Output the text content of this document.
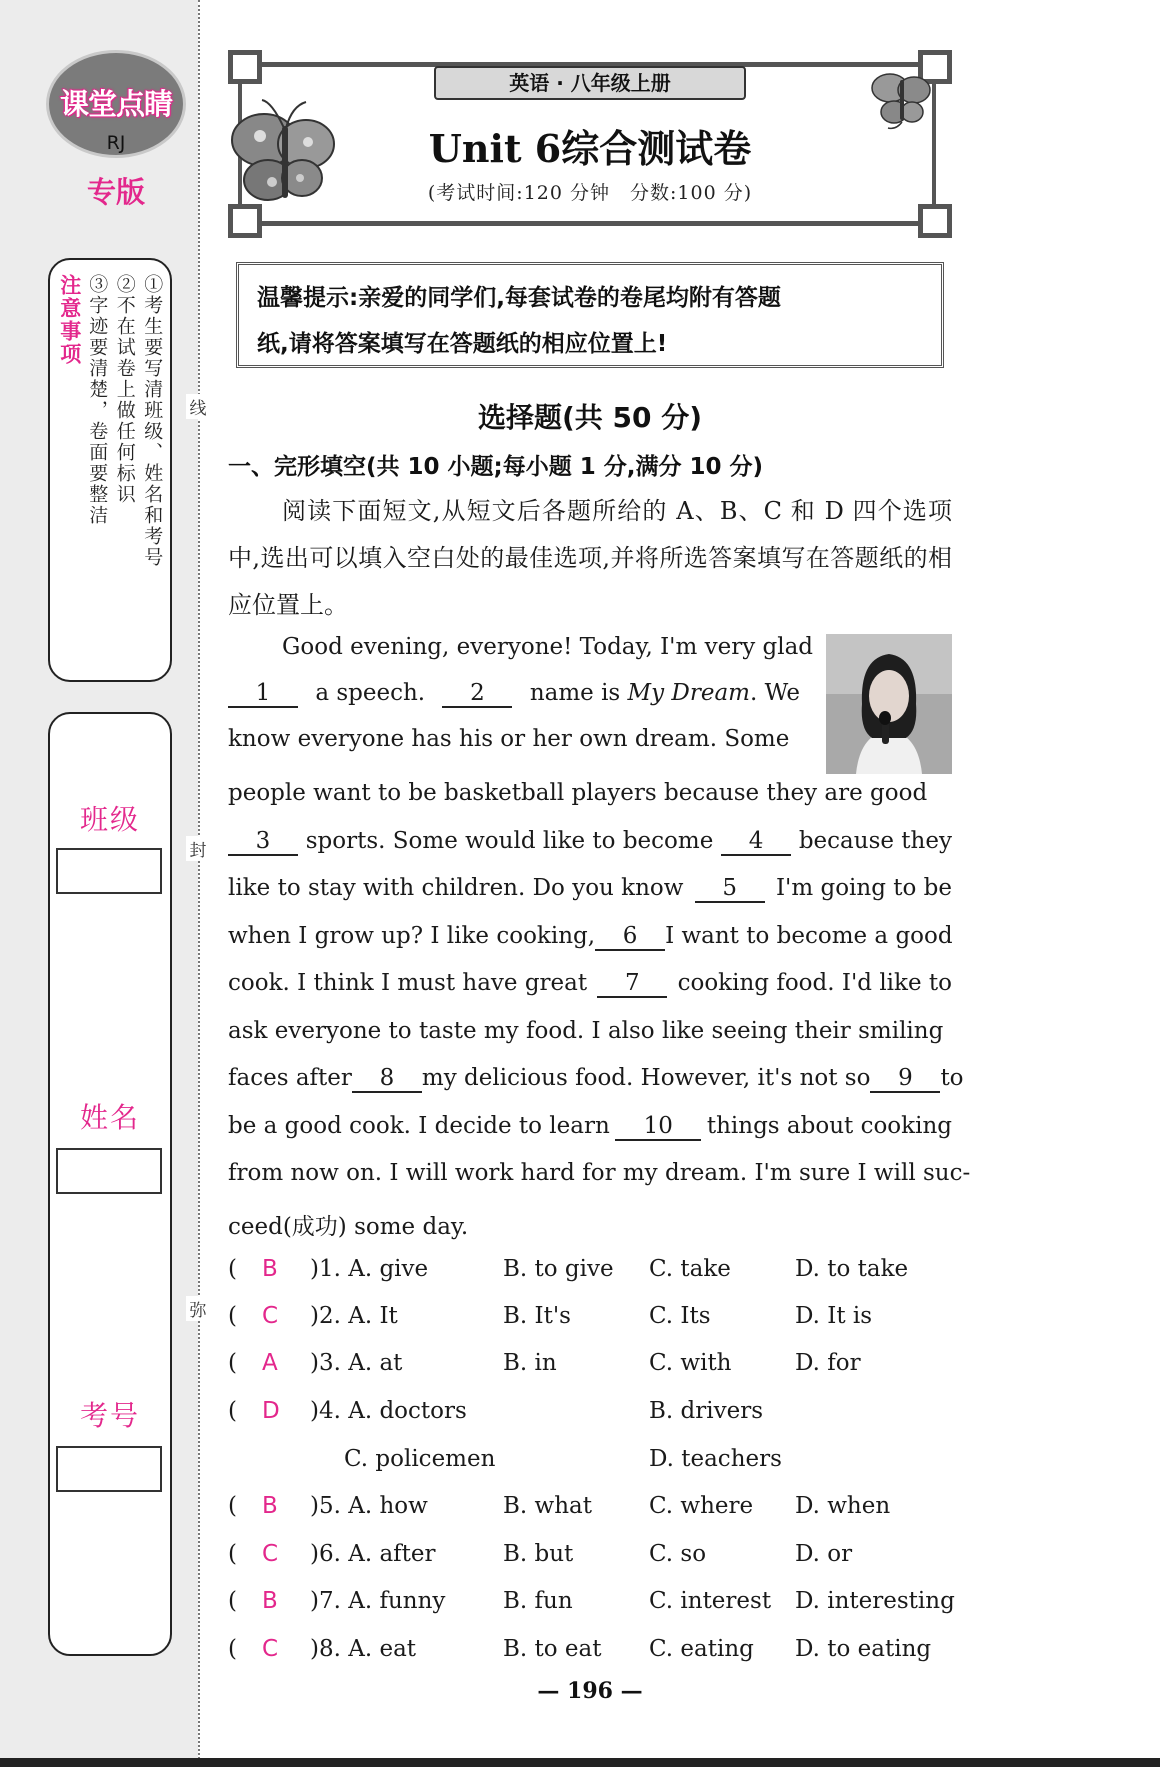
课堂点睛
RJ
专版
①考生要写清班级、姓名和考号
②不在试卷上做任何标识
③字迹要清楚，卷面要整洁
注意事项
班级
姓名
考号
线
封
弥
英语 · 八年级上册
Unit 6综合测试卷
(考试时间:120 分钟　分数:100 分)
温馨提示:亲爱的同学们,每套试卷的卷尾均附有答题
纸,请将答案填写在答题纸的相应位置上!
选择题(共 50 分)
一、完形填空(共 10 小题;每小题 1 分,满分 10 分)
阅读下面短文,从短文后各题所给的 A、B、C 和 D 四个选项中,选出可以填入空白处的最佳选项,并将所选答案填写在答题纸的相应位置上。
Good evening, everyone! Today, I'm very glad
1	a speech.	2	name is My Dream. We
know everyone has his or her own dream. Some
people want to be basketball players because they are good
3	sports. Some would like to become	4	because they
like to stay with children. Do you know	5	I'm going to be
when I grow up? I like cooking,	6	I want to become a good
cook. I think I must have great	7	cooking food. I'd like to
ask everyone to taste my food. I also like seeing their smiling
faces after	8	my delicious food. However, it's not so	9	to
be a good cook. I decide to learn	10	things about cooking
from now on. I will work hard for my dream. I'm sure I will suc-
ceed(成功) some day.
( B )1. A. give	B. to give C. take	D. to take
( C )2. A. It	B. It's	C. Its	D. It is
( A )3. A. at	B. in	C. with	D. for
( D )4. A. doctors	B. drivers
C. policemen	D. teachers
( B )5. A. how	B. what C. where D. when
( C )6. A. after	B. but	C. so	D. or
( B )7. A. funny	B. fun	C. interest D. interesting
( C )8. A. eat	B. to eat C. eating D. to eating
— 196 —
